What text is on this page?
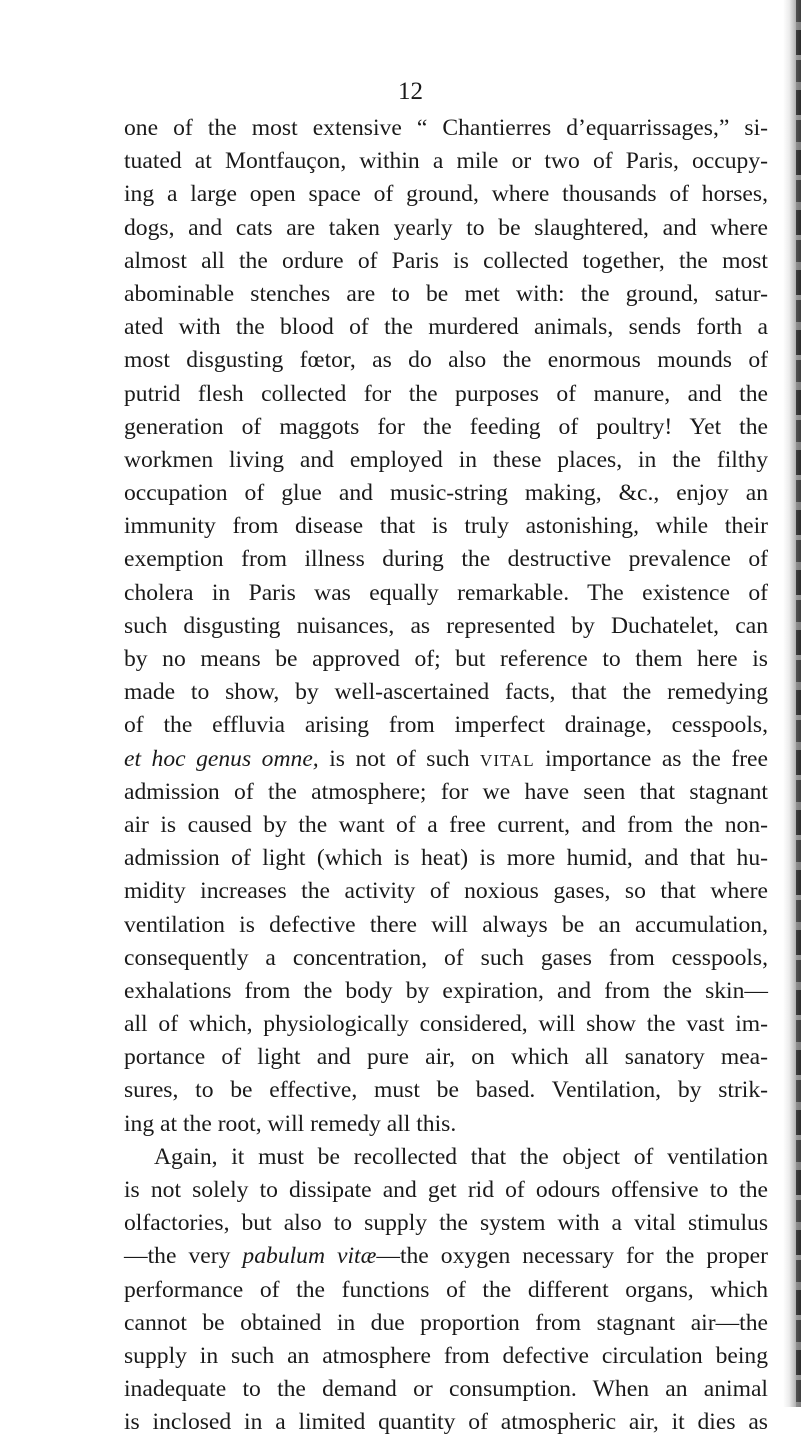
12
one of the most extensive “ Chantierres d’equarrissages,” si-
tuated at Montfauçon, within a mile or two of Paris, occupy-
ing a large open space of ground, where thousands of horses,
dogs, and cats are taken yearly to be slaughtered, and where
almost all the ordure of Paris is collected together, the most
abominable stenches are to be met with: the ground, satur-
ated with the blood of the murdered animals, sends forth a
most disgusting fœtor, as do also the enormous mounds of
putrid flesh collected for the purposes of manure, and the
generation of maggots for the feeding of poultry! Yet the
workmen living and employed in these places, in the filthy
occupation of glue and music-string making, &c., enjoy an
immunity from disease that is truly astonishing, while their
exemption from illness during the destructive prevalence of
cholera in Paris was equally remarkable. The existence of
such disgusting nuisances, as represented by Duchatelet, can
by no means be approved of; but reference to them here is
made to show, by well-ascertained facts, that the remedying
of the effluvia arising from imperfect drainage, cesspools,
et hoc genus omne, is not of such vital importance as the free
admission of the atmosphere; for we have seen that stagnant
air is caused by the want of a free current, and from the non-
admission of light (which is heat) is more humid, and that hu-
midity increases the activity of noxious gases, so that where
ventilation is defective there will always be an accumulation,
consequently a concentration, of such gases from cesspools,
exhalations from the body by expiration, and from the skin—
all of which, physiologically considered, will show the vast im-
portance of light and pure air, on which all sanatory mea-
sures, to be effective, must be based. Ventilation, by strik-
ing at the root, will remedy all this.
Again, it must be recollected that the object of ventilation
is not solely to dissipate and get rid of odours offensive to the
olfactories, but also to supply the system with a vital stimulus
—the very pabulum vitæ—the oxygen necessary for the proper
performance of the functions of the different organs, which
cannot be obtained in due proportion from stagnant air—the
supply in such an atmosphere from defective circulation being
inadequate to the demand or consumption. When an animal
is inclosed in a limited quantity of atmospheric air, it dies as
